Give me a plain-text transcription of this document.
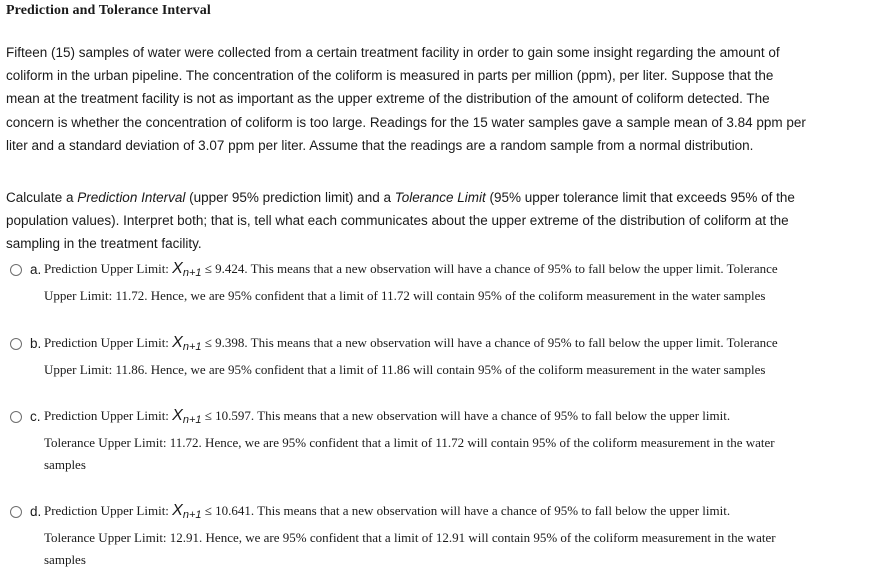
Prediction and Tolerance Interval

Fifteen (15) samples of water were collected from a certain treatment facility in order to gain some insight regarding the amount of

coliform in the urban pipeline. The concentration of the coliform is measured in parts per million (ppm), per liter. Suppose that the

mean at the treatment facility is not as important as the upper extreme of the distribution of the amount of coliform detected. The

concern is whether the concentration of coliform is too large. Readings for the 15 water samples gave a sample mean of 3.84 ppm per

liter and a standard deviation of 3.07 ppm per liter. Assume that the readings are a random sample from a normal distribution.

Calculate a Prediction Interval (upper 95% prediction limit) and a Tolerance Limit (95% upper tolerance limit that exceeds 95% of the

population values). Interpret both; that is, tell what each communicates about the upper extreme of the distribution of coliform at the

sampling in the treatment facility.

a. Prediction Upper Limit: $X_{n+1} \le 9.424$. This means that a new observation will have a chance of 95% to fall below the upper limit. Tolerance
Upper Limit: 11.72. Hence, we are 95% confident that a limit of 11.72 will contain 95% of the coliform measurement in the water samples
b. Prediction Upper Limit: $X_{n+1} \le 9.398$. This means that a new observation will have a chance of 95% to fall below the upper limit. Tolerance
Upper Limit: 11.86. Hence, we are 95% confident that a limit of 11.86 will contain 95% of the coliform measurement in the water samples
c. Prediction Upper Limit: $X_{n+1} \le 10.597$. This means that a new observation will have a chance of 95% to fall below the upper limit.
Tolerance Upper Limit: 11.72. Hence, we are 95% confident that a limit of 11.72 will contain 95% of the coliform measurement in the water
samples
d. Prediction Upper Limit: $X_{n+1} \le 10.641$. This means that a new observation will have a chance of 95% to fall below the upper limit.
Tolerance Upper Limit: 12.91. Hence, we are 95% confident that a limit of 12.91 will contain 95% of the coliform measurement in the water
samples
